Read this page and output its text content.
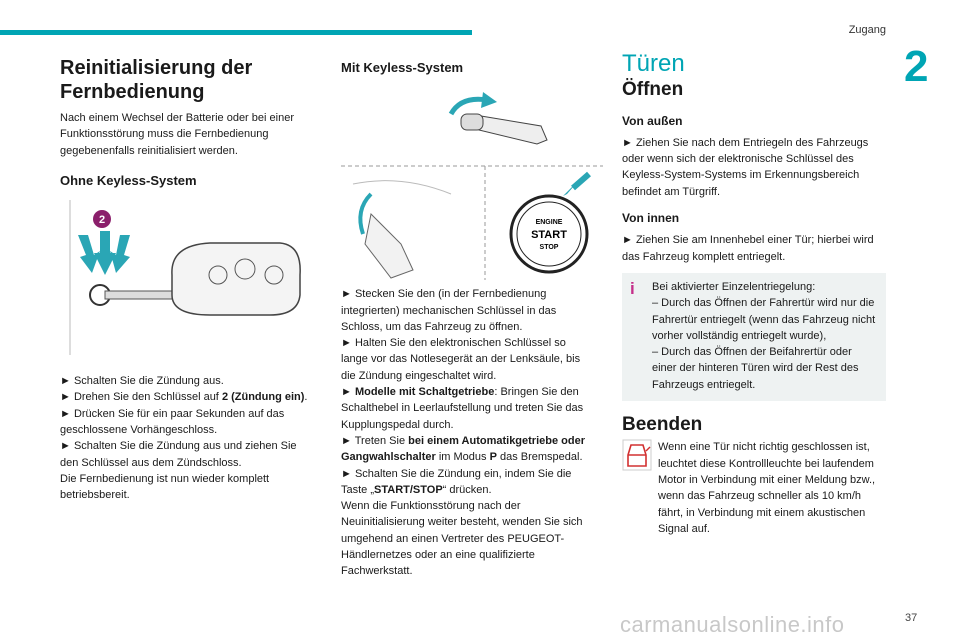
Zugang
2
Reinitialisierung der Fernbedienung

Nach einem Wechsel der Batterie oder bei einer Funktionsstörung muss die Fernbedienung gegebenenfalls reinitialisiert werden.

Ohne Keyless-System
2

► Schalten Sie die Zündung aus.

► Drehen Sie den Schlüssel auf 2 (Zündung ein).

► Drücken Sie für ein paar Sekunden auf das geschlossene Vorhängeschloss.

► Schalten Sie die Zündung aus und ziehen Sie den Schlüssel aus dem Zündschloss.

Die Fernbedienung ist nun wieder komplett betriebsbereit.

Mit Keyless-System
ENGINE
START
STOP

► Stecken Sie den (in der Fernbedienung integrierten) mechanischen Schlüssel in das Schloss, um das Fahrzeug zu öffnen.

► Halten Sie den elektronischen Schlüssel so lange vor das Notlesegerät an der Lenksäule, bis die Zündung eingeschaltet wird.

► Modelle mit Schaltgetriebe: Bringen Sie den Schalthebel in Leerlaufstellung und treten Sie das Kupplungspedal durch.

► Treten Sie bei einem Automatikgetriebe oder Gangwahlschalter im Modus P das Bremspedal.

► Schalten Sie die Zündung ein, indem Sie die Taste „START/STOP“ drücken.

Wenn die Funktionsstörung nach der Neuinitialisierung weiter besteht, wenden Sie sich umgehend an einen Vertreter des PEUGEOT-Händlernetzes oder an eine qualifizierte Fachwerkstatt.

Türen
Öffnen
Von außen

► Ziehen Sie nach dem Entriegeln des Fahrzeugs oder wenn sich der elektronische Schlüssel des Keyless-System-Systems im Erkennungsbereich befindet am Türgriff.

Von innen

► Ziehen Sie am Innenhebel einer Tür; hierbei wird das Fahrzeug komplett entriegelt.

i	Bei aktivierter Einzelentriegelung:

– Durch das Öffnen der Fahrertür wird nur die Fahrertür entriegelt (wenn das Fahrzeug nicht vorher vollständig entriegelt wurde),

– Durch das Öffnen der Beifahrertür oder einer der hinteren Türen wird der Rest des Fahrzeugs entriegelt.

Beenden

Wenn eine Tür nicht richtig geschlossen ist, leuchtet diese Kontrollleuchte bei laufendem Motor in Verbindung mit einer Meldung bzw., wenn das Fahrzeug schneller als 10 km/h fährt, in Verbindung mit einem akustischen Signal auf.

carmanualsonline.info	37
